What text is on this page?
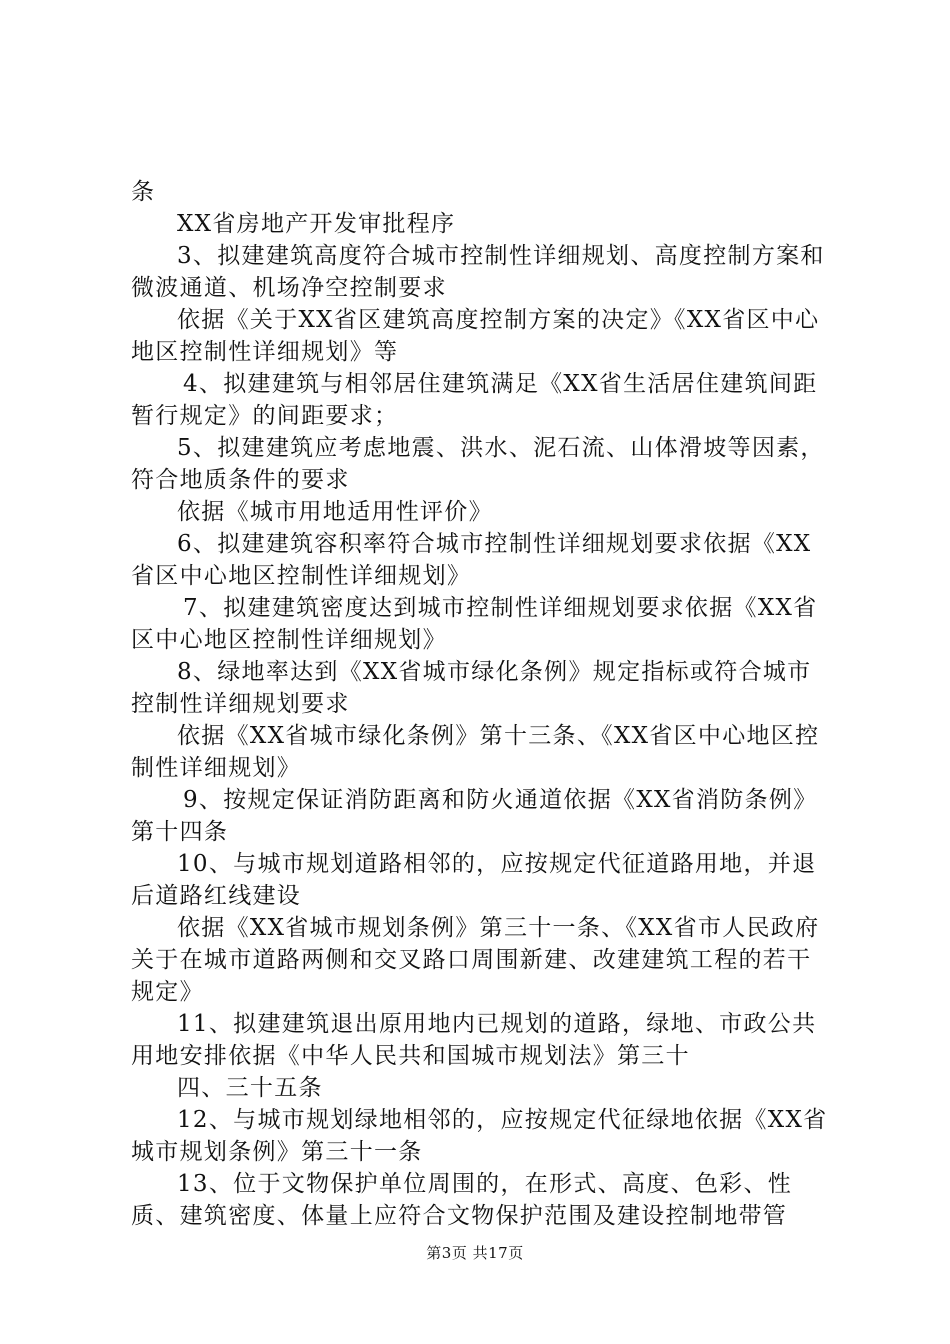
条

XX省房地产开发审批程序

3、拟建建筑高度符合城市控制性详细规划、高度控制方案和微波通道、机场净空控制要求

依据《关于XX省区建筑高度控制方案的决定》《XX省区中心地区控制性详细规划》等

4、拟建建筑与相邻居住建筑满足《XX省生活居住建筑间距暂行规定》的间距要求；

5、拟建建筑应考虑地震、洪水、泥石流、山体滑坡等因素，符合地质条件的要求

依据《城市用地适用性评价》

6、拟建建筑容积率符合城市控制性详细规划要求依据《XX省区中心地区控制性详细规划》

7、拟建建筑密度达到城市控制性详细规划要求依据《XX省区中心地区控制性详细规划》

8、绿地率达到《XX省城市绿化条例》规定指标或符合城市控制性详细规划要求

依据《XX省城市绿化条例》第十三条、《XX省区中心地区控制性详细规划》

9、按规定保证消防距离和防火通道依据《XX省消防条例》第十四条

10、与城市规划道路相邻的，应按规定代征道路用地，并退后道路红线建设

依据《XX省城市规划条例》第三十一条、《XX省市人民政府关于在城市道路两侧和交叉路口周围新建、改建建筑工程的若干规定》

11、拟建建筑退出原用地内已规划的道路，绿地、市政公共用地安排依据《中华人民共和国城市规划法》第三十

四、三十五条

12、与城市规划绿地相邻的，应按规定代征绿地依据《XX省城市规划条例》第三十一条

13、位于文物保护单位周围的，在形式、高度、色彩、性质、建筑密度、体量上应符合文物保护范围及建设控制地带管

第3页 共17页
